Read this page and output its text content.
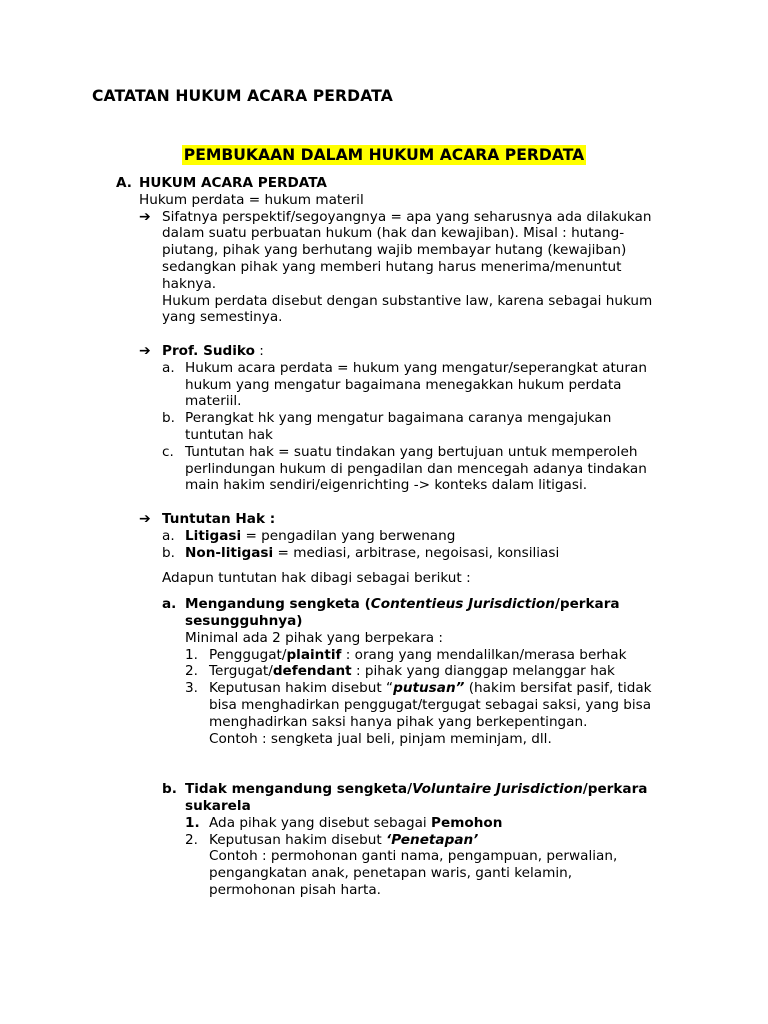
CATATAN HUKUM ACARA PERDATA
PEMBUKAAN DALAM HUKUM ACARA PERDATA
A. HUKUM ACARA PERDATA
Hukum perdata = hukum materil
➔ Sifatnya perspektif/segoyangnya = apa yang seharusnya ada dilakukan
dalam suatu perbuatan hukum (hak dan kewajiban). Misal : hutang-
piutang, pihak yang berhutang wajib membayar hutang (kewajiban)
sedangkan pihak yang memberi hutang harus menerima/menuntut
haknya.
Hukum perdata disebut dengan substantive law, karena sebagai hukum
yang semestinya.
➔ Prof. Sudiko :
a. Hukum acara perdata = hukum yang mengatur/seperangkat aturan
hukum yang mengatur bagaimana menegakkan hukum perdata
materiil.
b. Perangkat hk yang mengatur bagaimana caranya mengajukan
tuntutan hak
c. Tuntutan hak = suatu tindakan yang bertujuan untuk memperoleh
perlindungan hukum di pengadilan dan mencegah adanya tindakan
main hakim sendiri/eigenrichting -> konteks dalam litigasi.
➔ Tuntutan Hak :
a. Litigasi = pengadilan yang berwenang
b. Non-litigasi = mediasi, arbitrase, negoisasi, konsiliasi
Adapun tuntutan hak dibagi sebagai berikut :
a. Mengandung sengketa (Contentieus Jurisdiction/perkara
sesungguhnya)
Minimal ada 2 pihak yang berpekara :
1. Penggugat/plaintif : orang yang mendalilkan/merasa berhak
2. Tergugat/defendant : pihak yang dianggap melanggar hak
3. Keputusan hakim disebut “putusan” (hakim bersifat pasif, tidak
bisa menghadirkan penggugat/tergugat sebagai saksi, yang bisa
menghadirkan saksi hanya pihak yang berkepentingan.
Contoh : sengketa jual beli, pinjam meminjam, dll.
b. Tidak mengandung sengketa/Voluntaire Jurisdiction/perkara
sukarela
1. Ada pihak yang disebut sebagai Pemohon
2. Keputusan hakim disebut ‘Penetapan’
Contoh : permohonan ganti nama, pengampuan, perwalian,
pengangkatan anak, penetapan waris, ganti kelamin,
permohonan pisah harta.
